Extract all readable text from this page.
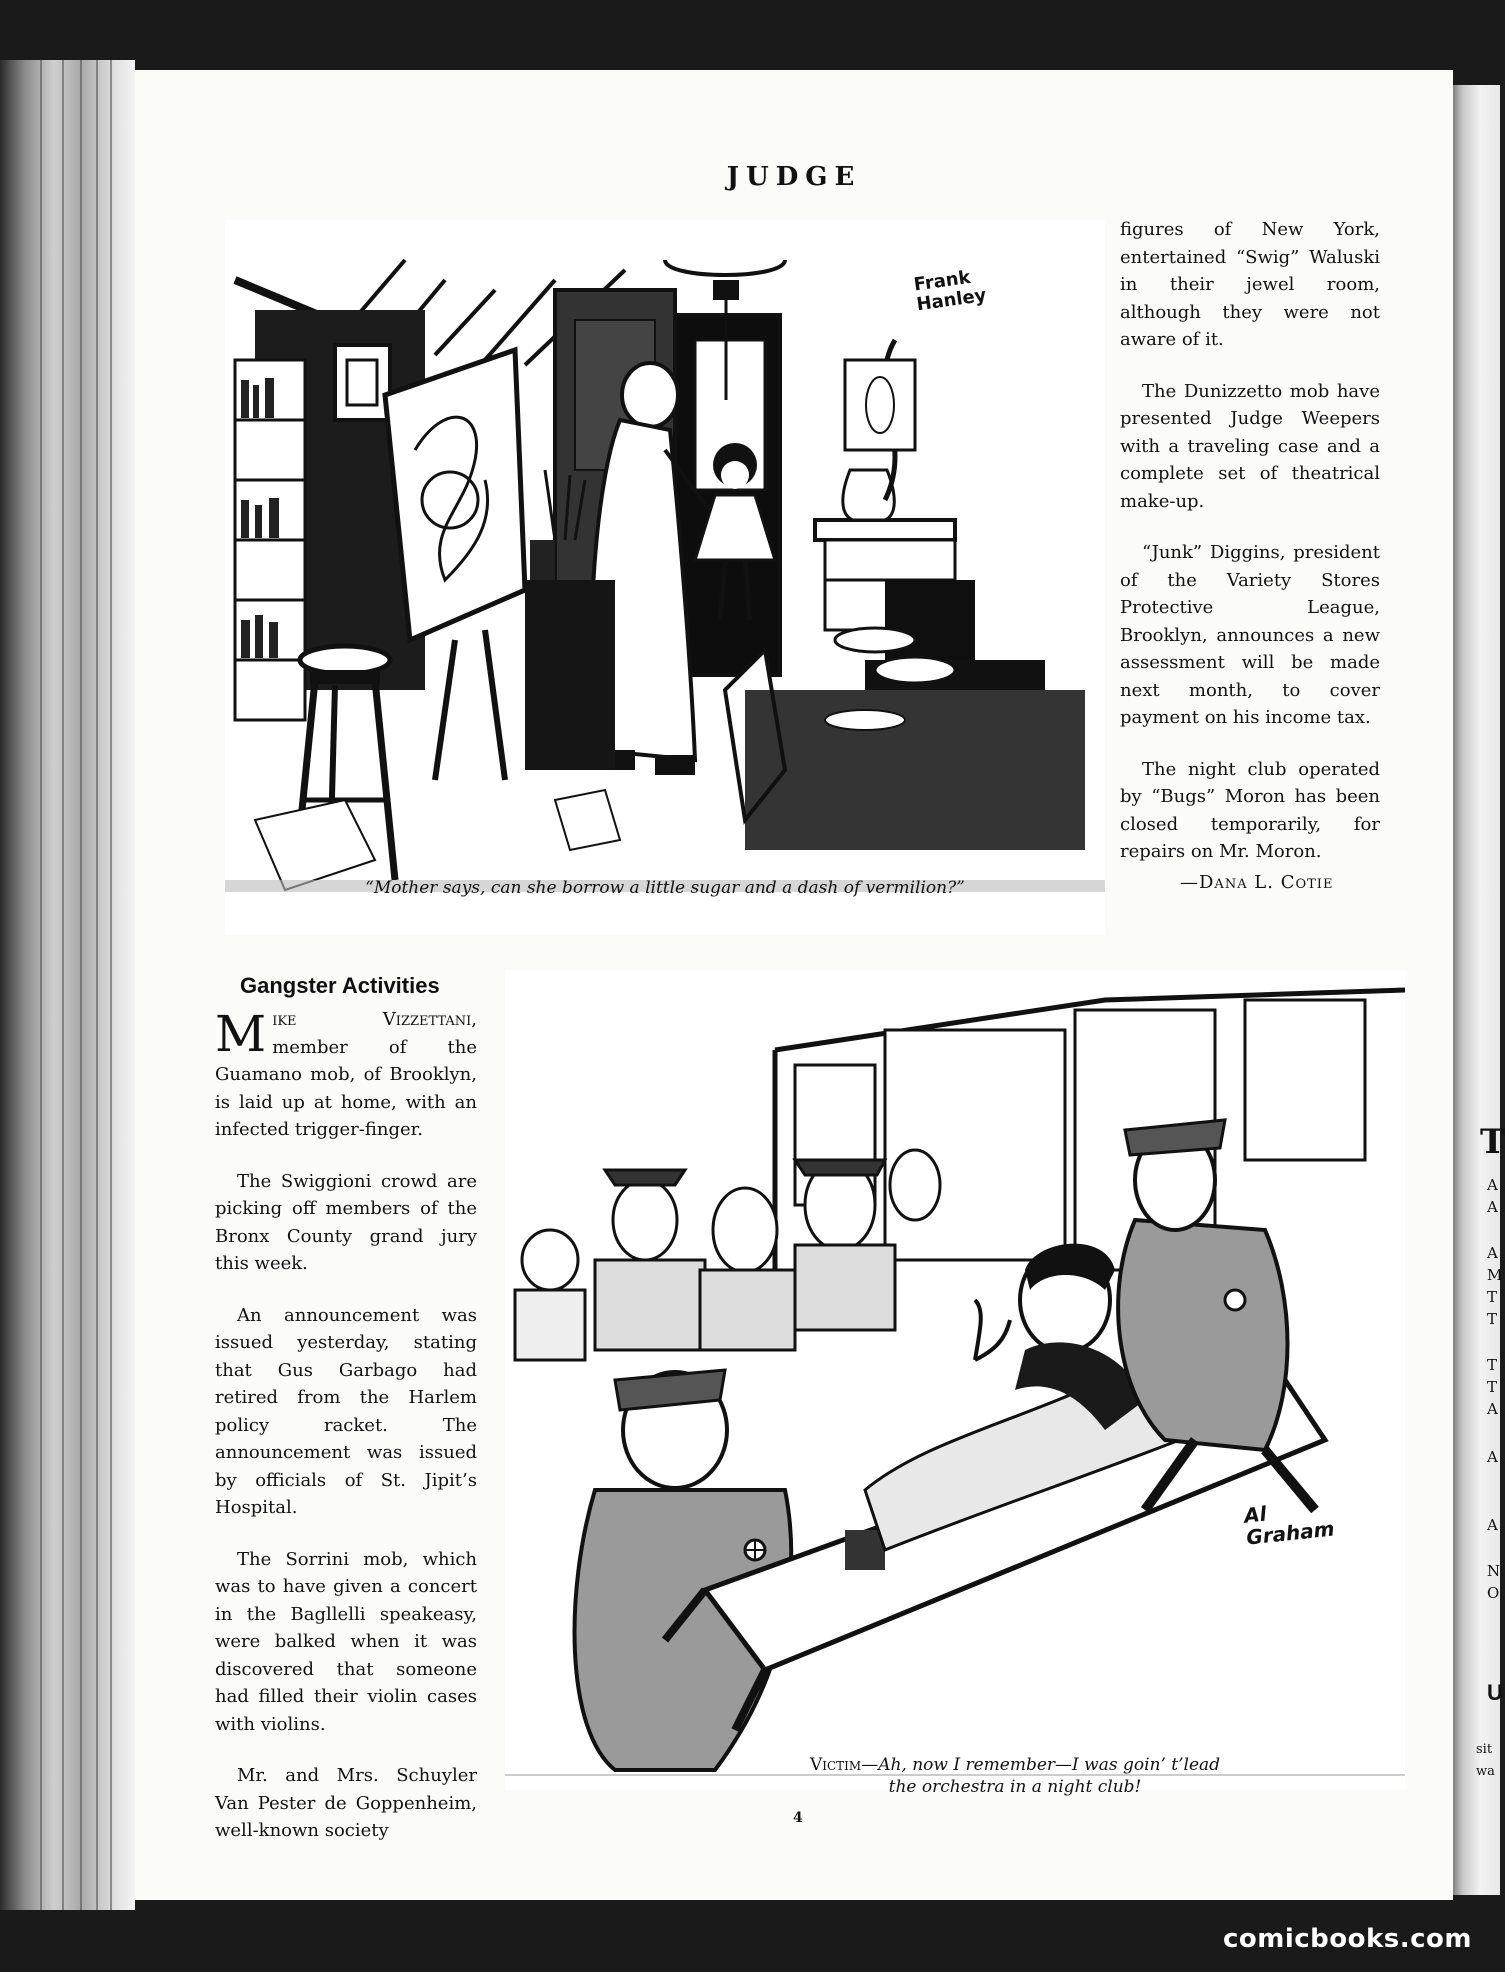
JUDGE
Frank Hanley
“Mother says, can she borrow a little sugar and a dash of vermilion?”

figures of New York, entertained “Swig” Waluski in their jewel room, although they were not aware of it.

The Dunizzetto mob have presented Judge Weepers with a traveling case and a complete set of theatrical make-up.

“Junk” Diggins, president of the Variety Stores Protective League, Brooklyn, announces a new assessment will be made next month, to cover payment on his income tax.

The night club operated by “Bugs” Moron has been closed temporarily, for repairs on Mr. Moron.

—Dana L. Cotie
Gangster Activities

Mike Vizzettani, member of the Guamano mob, of Brooklyn, is laid up at home, with an infected trigger-finger.

The Swiggioni crowd are picking off members of the Bronx County grand jury this week.

An announcement was issued yesterday, stating that Gus Garbago had retired from the Harlem policy racket. The announcement was issued by officials of St. Jipit’s Hospital.

The Sorrini mob, which was to have given a concert in the Bagllelli speakeasy, were balked when it was discovered that someone had filled their violin cases with violins.

Mr. and Mrs. Schuyler Van Pester de Goppenheim, well-known society

Al Graham
Victim—Ah, now I remember—I was goin’ t’lead
the orchestra in a night club!
4
T
A
A
A
M
T
T
T
T
A
A
A
N
O
U
sit
wa
comicbooks.com
